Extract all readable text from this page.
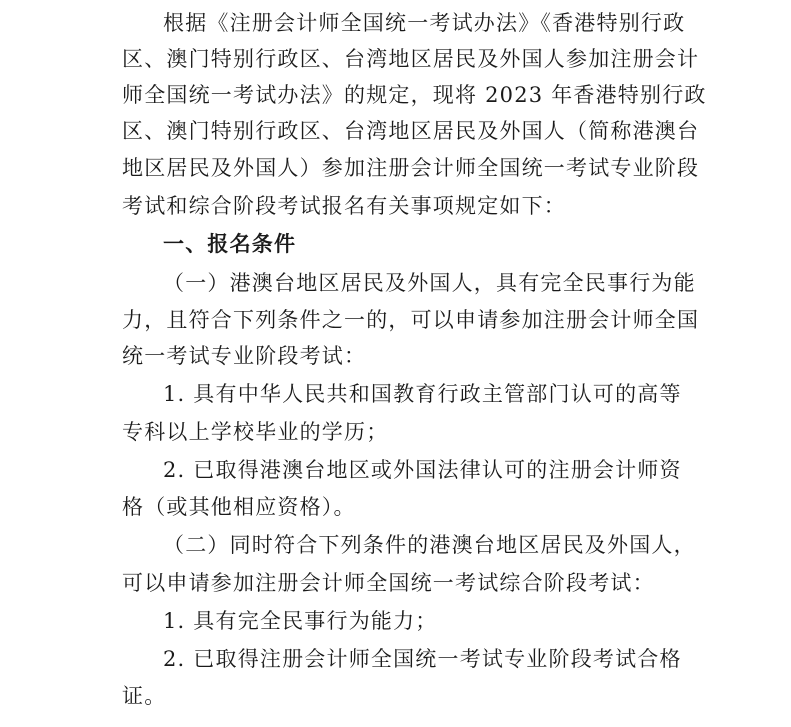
根据《注册会计师全国统一考试办法》《香港特别行政
区、澳门特别行政区、台湾地区居民及外国人参加注册会计
师全国统一考试办法》的规定，现将 2023 年香港特别行政
区、澳门特别行政区、台湾地区居民及外国人（简称港澳台
地区居民及外国人）参加注册会计师全国统一考试专业阶段
考试和综合阶段考试报名有关事项规定如下：
一、报名条件
（一）港澳台地区居民及外国人，具有完全民事行为能
力，且符合下列条件之一的，可以申请参加注册会计师全国
统一考试专业阶段考试：
1. 具有中华人民共和国教育行政主管部门认可的高等
专科以上学校毕业的学历；
2. 已取得港澳台地区或外国法律认可的注册会计师资
格（或其他相应资格）。
（二）同时符合下列条件的港澳台地区居民及外国人，
可以申请参加注册会计师全国统一考试综合阶段考试：
1. 具有完全民事行为能力；
2. 已取得注册会计师全国统一考试专业阶段考试合格
证。
